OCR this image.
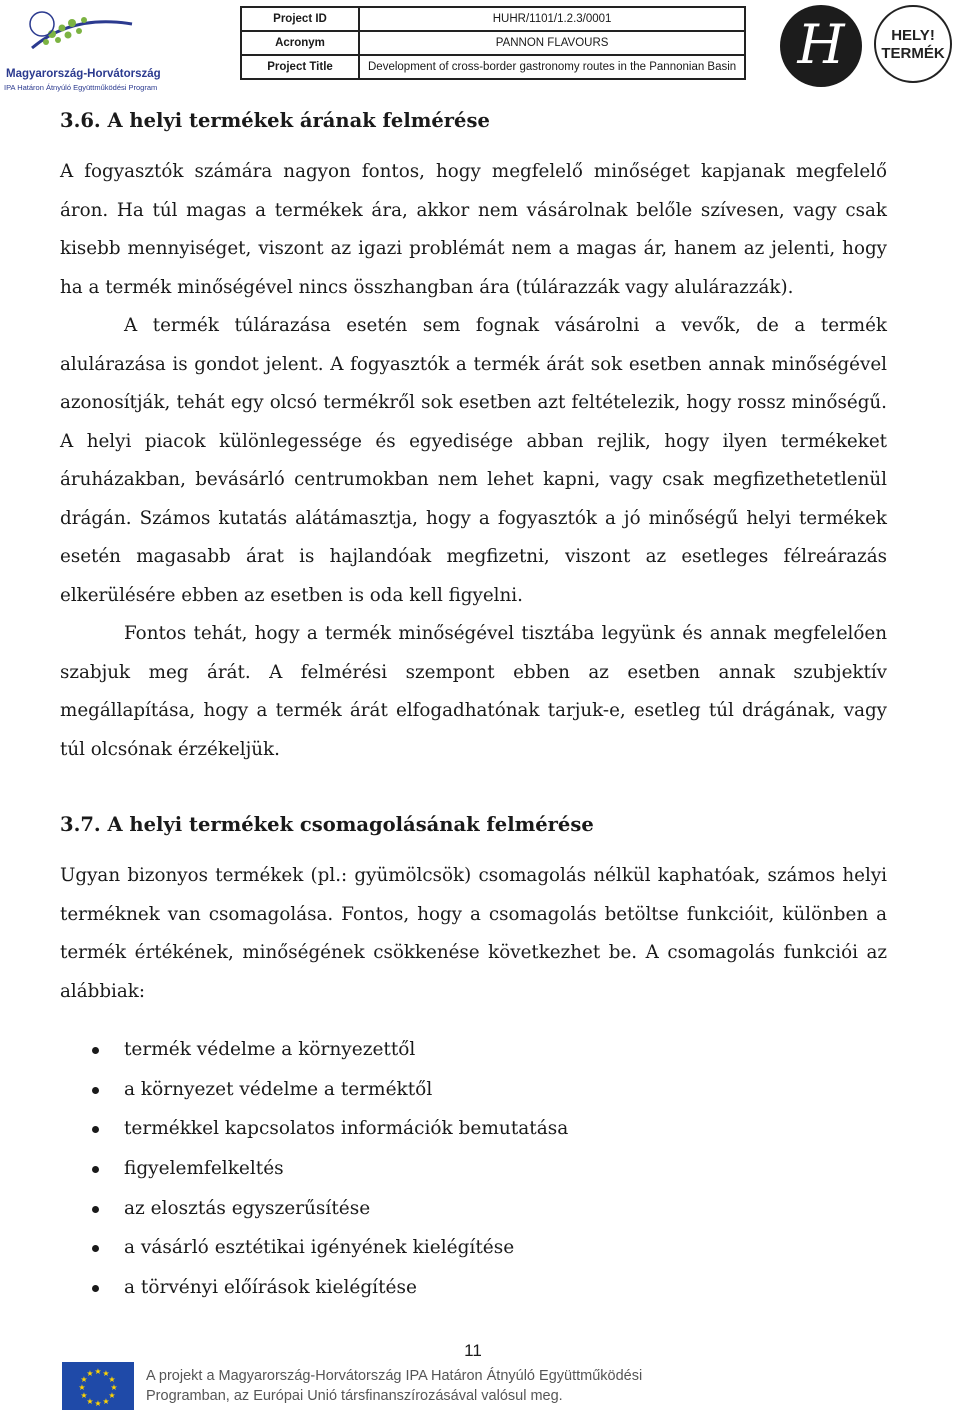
Magyarország-Horvátország
IPA Határon Átnyúló Együttműködési Program
Project ID	HUHR/1101/1.2.3/0001
Acronym	PANNON FLAVOURS
Project Title	Development of cross-border gastronomy routes in the Pannonian Basin	H	HELY!
TERMÉK
3.6. A helyi termékek árának felmérése

A fogyasztók számára nagyon fontos, hogy megfelelő minőséget kapjanak megfelelő áron. Ha túl magas a termékek ára, akkor nem vásárolnak belőle szívesen, vagy csak kisebb mennyiséget, viszont az igazi problémát nem a magas ár, hanem az jelenti, hogy ha a termék minőségével nincs összhangban ára (túlárazzák vagy alulárazzák).

A termék túlárazása esetén sem fognak vásárolni a vevők, de a termék alulárazása is gondot jelent. A fogyasztók a termék árát sok esetben annak minőségével azonosítják, tehát egy olcsó termékről sok esetben azt feltételezik, hogy rossz minőségű. A helyi piacok különlegessége és egyedisége abban rejlik, hogy ilyen termékeket áruházakban, bevásárló centrumokban nem lehet kapni, vagy csak megfizethetetlenül drágán. Számos kutatás alátámasztja, hogy a fogyasztók a jó minőségű helyi termékek esetén magasabb árat is hajlandóak megfizetni, viszont az esetleges félreárazás elkerülésére ebben az esetben is oda kell figyelni.

Fontos tehát, hogy a termék minőségével tisztába legyünk és annak megfelelően szabjuk meg árát. A felmérési szempont ebben az esetben annak szubjektív megállapítása, hogy a termék árát elfogadhatónak tarjuk-e, esetleg túl drágának, vagy túl olcsónak érzékeljük.

3.7. A helyi termékek csomagolásának felmérése

Ugyan bizonyos termékek (pl.: gyümölcsök) csomagolás nélkül kaphatóak, számos helyi terméknek van csomagolása. Fontos, hogy a csomagolás betöltse funkcióit, különben a termék értékének, minőségének csökkenése következhet be. A csomagolás funkciói az alábbiak:

termék védelme a környezettől
a környezet védelme a terméktől
termékkel kapcsolatos információk bemutatása
figyelemfelkeltés
az elosztás egyszerűsítése
a vásárló esztétikai igényének kielégítése
a törvényi előírások kielégítése
11
★ ★
★
★
★
★
★
★
★
★
★
★	A projekt a Magyarország-Horvátország IPA Határon Átnyúló Együttműködési
Programban, az Európai Unió társfinanszírozásával valósul meg.
